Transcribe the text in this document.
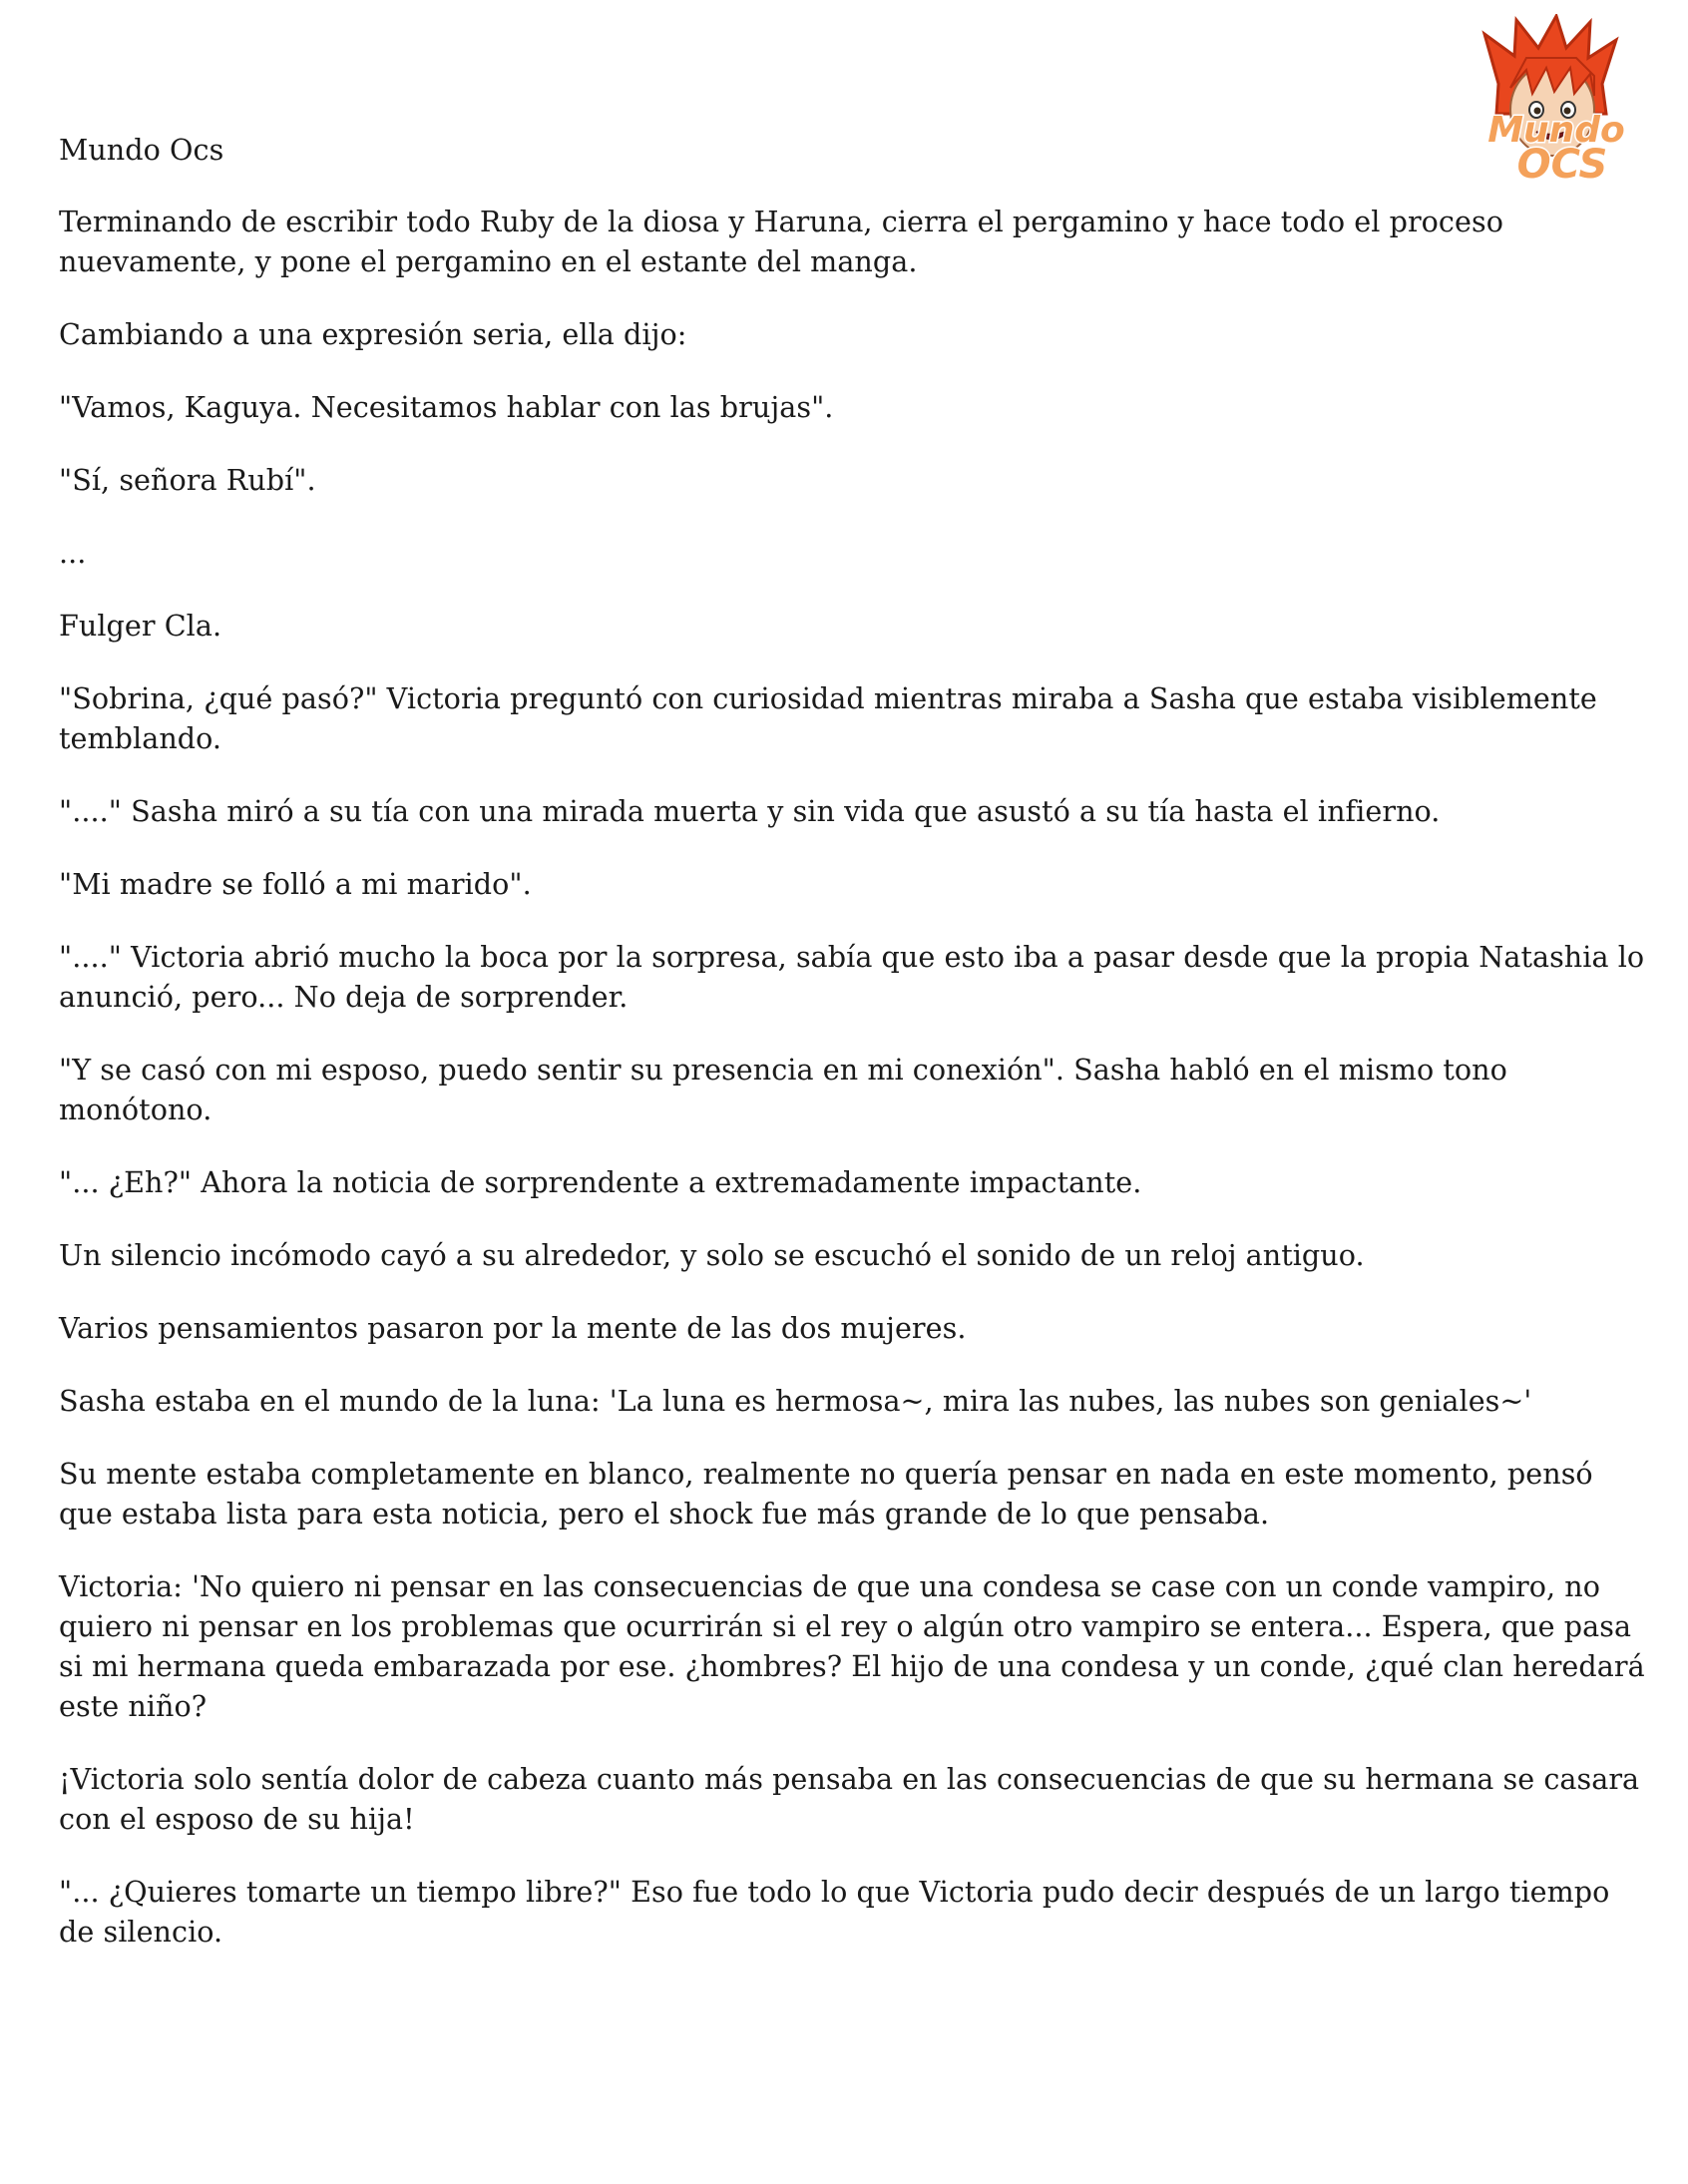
Mundo
OCS

Mundo Ocs

Terminando de escribir todo Ruby de la diosa y Haruna, cierra el pergamino y hace todo el proceso nuevamente, y pone el pergamino en el estante del manga.

Cambiando a una expresión seria, ella dijo:

"Vamos, Kaguya. Necesitamos hablar con las brujas".

"Sí, señora Rubí".

...

Fulger Cla.

"Sobrina, ¿qué pasó?" Victoria preguntó con curiosidad mientras miraba a Sasha que estaba visiblemente temblando.

"...." Sasha miró a su tía con una mirada muerta y sin vida que asustó a su tía hasta el infierno.

"Mi madre se folló a mi marido".

"...." Victoria abrió mucho la boca por la sorpresa, sabía que esto iba a pasar desde que la propia Natashia lo anunció, pero... No deja de sorprender.

"Y se casó con mi esposo, puedo sentir su presencia en mi conexión". Sasha habló en el mismo tono monótono.

"... ¿Eh?" Ahora la noticia de sorprendente a extremadamente impactante.

Un silencio incómodo cayó a su alrededor, y solo se escuchó el sonido de un reloj antiguo.

Varios pensamientos pasaron por la mente de las dos mujeres.

Sasha estaba en el mundo de la luna: 'La luna es hermosa~, mira las nubes, las nubes son geniales~'

Su mente estaba completamente en blanco, realmente no quería pensar en nada en este momento, pensó que estaba lista para esta noticia, pero el shock fue más grande de lo que pensaba.

Victoria: 'No quiero ni pensar en las consecuencias de que una condesa se case con un conde vampiro, no quiero ni pensar en los problemas que ocurrirán si el rey o algún otro vampiro se entera... Espera, que pasa si mi hermana queda embarazada por ese. ¿hombres? El hijo de una condesa y un conde, ¿qué clan heredará este niño?

¡Victoria solo sentía dolor de cabeza cuanto más pensaba en las consecuencias de que su hermana se casara con el esposo de su hija!

"... ¿Quieres tomarte un tiempo libre?" Eso fue todo lo que Victoria pudo decir después de un largo tiempo de silencio.
